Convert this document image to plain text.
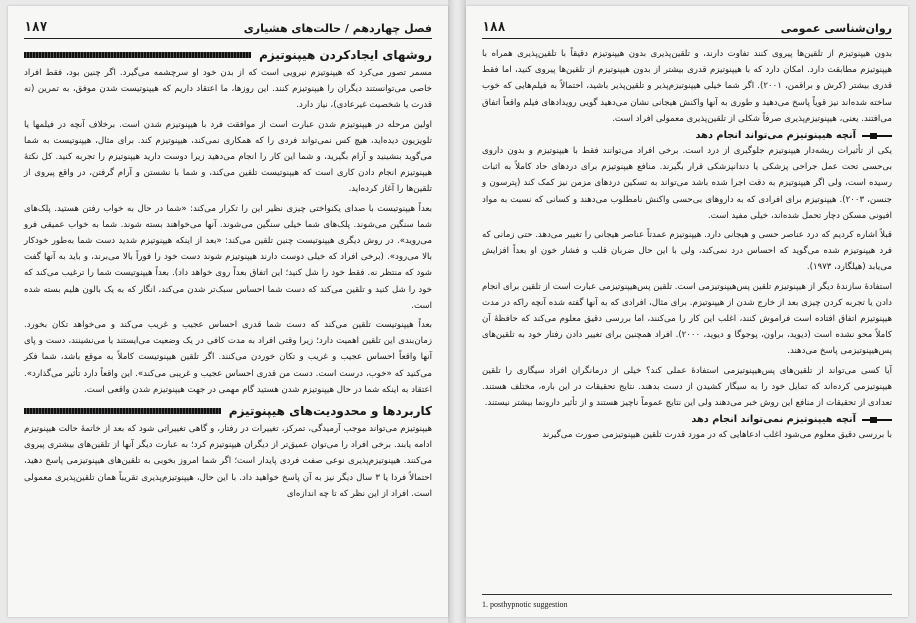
فصل چهاردهم / حالت‌های هشیاری
۱۸۷
روشهای ایجادکردن هیپنوتیزم

مسمر تصور می‌کرد که هیپنوتیزم نیرویی است که از بدن خود او سرچشمه می‌گیرد. اگر چنین بود، فقط افراد خاصی می‌توانستند دیگران را هیپنوتیزم کنند. این روزها، ما اعتقاد داریم که هیپنوتیست شدن موفق، به تمرین (نه قدرت یا شخصیت غیرعادی)، نیاز دارد.

اولین مرحله در هیپنوتیزم شدن عبارت است از موافقت فرد با هیپنوتیزم شدن است. برخلاف آنچه در فیلمها یا تلویزیون دیده‌اید، هیچ کس نمی‌تواند فردی را که همکاری نمی‌کند، هیپنوتیزم کند. برای مثال، هیپنوتیست به شما می‌گوید بنشینید و آرام بگیرید، و شما این کار را انجام می‌دهید زیرا دوست دارید هیپنوتیزم را تجربه کنید. کل نکتهٔ هیپنوتیزم انجام دادن کاری است که هیپنوتیست تلقین می‌کند، و شما با نشستن و آرام گرفتن، در واقع پیروی از تلقین‌ها را آغاز کرده‌اید.

بعداً هیپنوتیست با صدای یکنواختی چیزی نظیر این را تکرار می‌کند: «شما در حال به خواب رفتن هستید. پلک‌های شما سنگین می‌شوند. پلک‌های شما خیلی سنگین می‌شوند. آنها می‌خواهند بسته شوند. شما به خواب عمیقی فرو می‌روید». در روش دیگری هیپنوتیست چنین تلقین می‌کند: «بعد از اینکه هیپنوتیزم شدید دست شما به‌طور خودکار بالا می‌رود». (برخی افراد که خیلی دوست دارند هیپنوتیزم شوند دست خود را فوراً بالا می‌برند، و باید به آنها گفت شود که منتظر نه. فقط خود را شل کنید؛ این اتفاق بعداً روی خواهد داد). بعداً هیپنوتیست شما را ترغیب می‌کند که خود را شل کنید و تلقین می‌کند که دست شما احساس سبک‌تر شدن می‌کند، انگار که به یک بالون هلیم بسته شده است.

بعداً هیپنوتیست تلقین می‌کند که دست شما قدری احساس عجیب و غریب می‌کند و می‌خواهد تکان بخورد. زمان‌بندی این تلقین اهمیت دارد؛ زیرا وقتی افراد به مدت کافی در یک وضعیت می‌ایستند یا می‌نشینند، دست و پای آنها واقعاً احساس عجیب و غریب و تکان خوردن می‌کنند. اگر تلقین هیپنوتیست کاملاً به موقع باشد، شما فکر می‌کنید که «خوب، درست است. دست من قدری احساس عجیب و غریبی می‌کند». این واقعاً دارد تأثیر می‌گذارد». اعتقاد به اینکه شما در حال هیپنوتیزم شدن هستید گام مهمی در جهت هیپنوتیزم شدن واقعی است.

کاربردها و محدودیت‌های هیپنوتیزم

هیپنوتیزم می‌تواند موجب آرمیدگی، تمرکز، تغییرات در رفتار، و گاهی تغییراتی شود که بعد از خاتمهٔ حالت هیپنوتیزم ادامه یابند. برخی افراد را می‌توان عمیق‌تر از دیگران هیپنوتیزم کرد؛ به عبارت دیگر آنها از تلقین‌های بیشتری پیروی می‌کنند. هیپنوتیزم‌پذیری نوعی صفت فردی پایدار است؛ اگر شما امروز بخوبی به تلقین‌های هیپنوتیزمی پاسخ دهید، احتمالاً فردا یا ۳ سال دیگر نیز به آن پاسخ خواهید داد. با این حال، هیپنوتیزم‌پذیری تقریباً همان تلقین‌پذیری معمولی است. افراد از این نظر که تا چه اندازه‌ای

روان‌شناسی عمومی
۱۸۸

بدون هیپنوتیزم از تلقین‌ها پیروی کنند تفاوت دارند، و تلقین‌پذیری بدون هیپنوتیزم دقیقاً با تلقین‌پذیری همراه با هیپنوتیزم مطابقت دارد. امکان دارد که با هیپنوتیزم قدری بیشتر از بدون هیپنوتیزم از تلقین‌ها پیروی کنید، اما فقط قدری بیشتر (کرش و براقمن، ۲۰۰۱). اگر شما خیلی هیپنوتیزم‌پذیر و تلقین‌پذیر باشید، احتمالاً به فیلم‌هایی که خوب ساخته شده‌اند نیز قویاً پاسخ می‌دهید و طوری به آنها واکنش هیجانی نشان می‌دهید گویی رویدادهای فیلم واقعاً اتفاق می‌افتند. یعنی، هیپنوتیزم‌پذیری صرفاً شکلی از تلقین‌پذیری معمولی افراد است.

آنچه هیپنوتیزم می‌تواند انجام دهد

یکی از تأثیرات ریشه‌دار هیپنوتیزم جلوگیری از درد است. برخی افراد می‌توانند فقط با هیپنوتیزم و بدون داروی بی‌حسی تحت عمل جراحی پزشکی یا دندانپزشکی قرار بگیرند. منافع هیپنوتیزم برای دردهای حاد کاملاً به اثبات رسیده است، ولی اگر هیپنوتیزم به دقت اجرا شده باشد می‌تواند به تسکین دردهای مزمن نیز کمک کند (پترسون و جنسن، ۲۰۰۳). هیپنوتیزم برای افرادی که به داروهای بی‌حسی واکنش نامطلوب می‌دهند و کسانی که نسبت به مواد افیونی مسکن دچار تحمل شده‌اند، خیلی مفید است.

قبلاً اشاره کردیم که درد عناصر حسی و هیجانی دارد. هیپنوتیزم عمدتاً عناصر هیجانی را تغییر می‌دهد. حتی زمانی که فرد هیپنوتیزم شده می‌گوید که احساس درد نمی‌کند، ولی با این حال ضربان قلب و فشار خون او بعداً افزایش می‌یابد (هیلگارد، ۱۹۷۳).

استفادهٔ سازندهٔ دیگر از هیپنوتیزم تلقین پس‌هیپنوتیزمی است. تلقین پس‌هیپنوتیزمی عبارت است از تلقین برای انجام دادن یا تجربه کردن چیزی بعد از خارج شدن از هیپنوتیزم. برای مثال، افرادی که به آنها گفته شده آنچه راکه در مدت هیپنوتیزم اتفاق افتاده است فراموش کنند، اغلب این کار را می‌کنند، اما بررسی دقیق معلوم می‌کند که حافظهٔ آن کاملاً محو نشده است (دیوید، براون، پوجوگا و دیوید، ۲۰۰۰). افراد همچنین برای تغییر دادن رفتار خود به تلقین‌های پس‌هیپنوتیزمی پاسخ می‌دهند.

آیا کسی می‌تواند از تلقین‌های پس‌هیپنوتیزمی استفادهٔ عملی کند؟ خیلی از درمانگران افراد سیگاری را تلقین هیپنوتیزمی کرده‌اند که تمایل خود را به سیگار کشیدن از دست بدهند. نتایج تحقیقات در این باره، مختلف هستند. تعدادی از تحقیقات از منافع این روش خبر می‌دهند ولی این نتایج عموماً ناچیز هستند و از تأثیر دارونما بیشتر نیستند.

آنچه هیپنوتیزم نمی‌تواند انجام دهد

با بررسی دقیق معلوم می‌شود اغلب ادعاهایی که در مورد قدرت تلقین هیپنوتیزمی صورت می‌گیرند

1. posthypnotic suggestion
